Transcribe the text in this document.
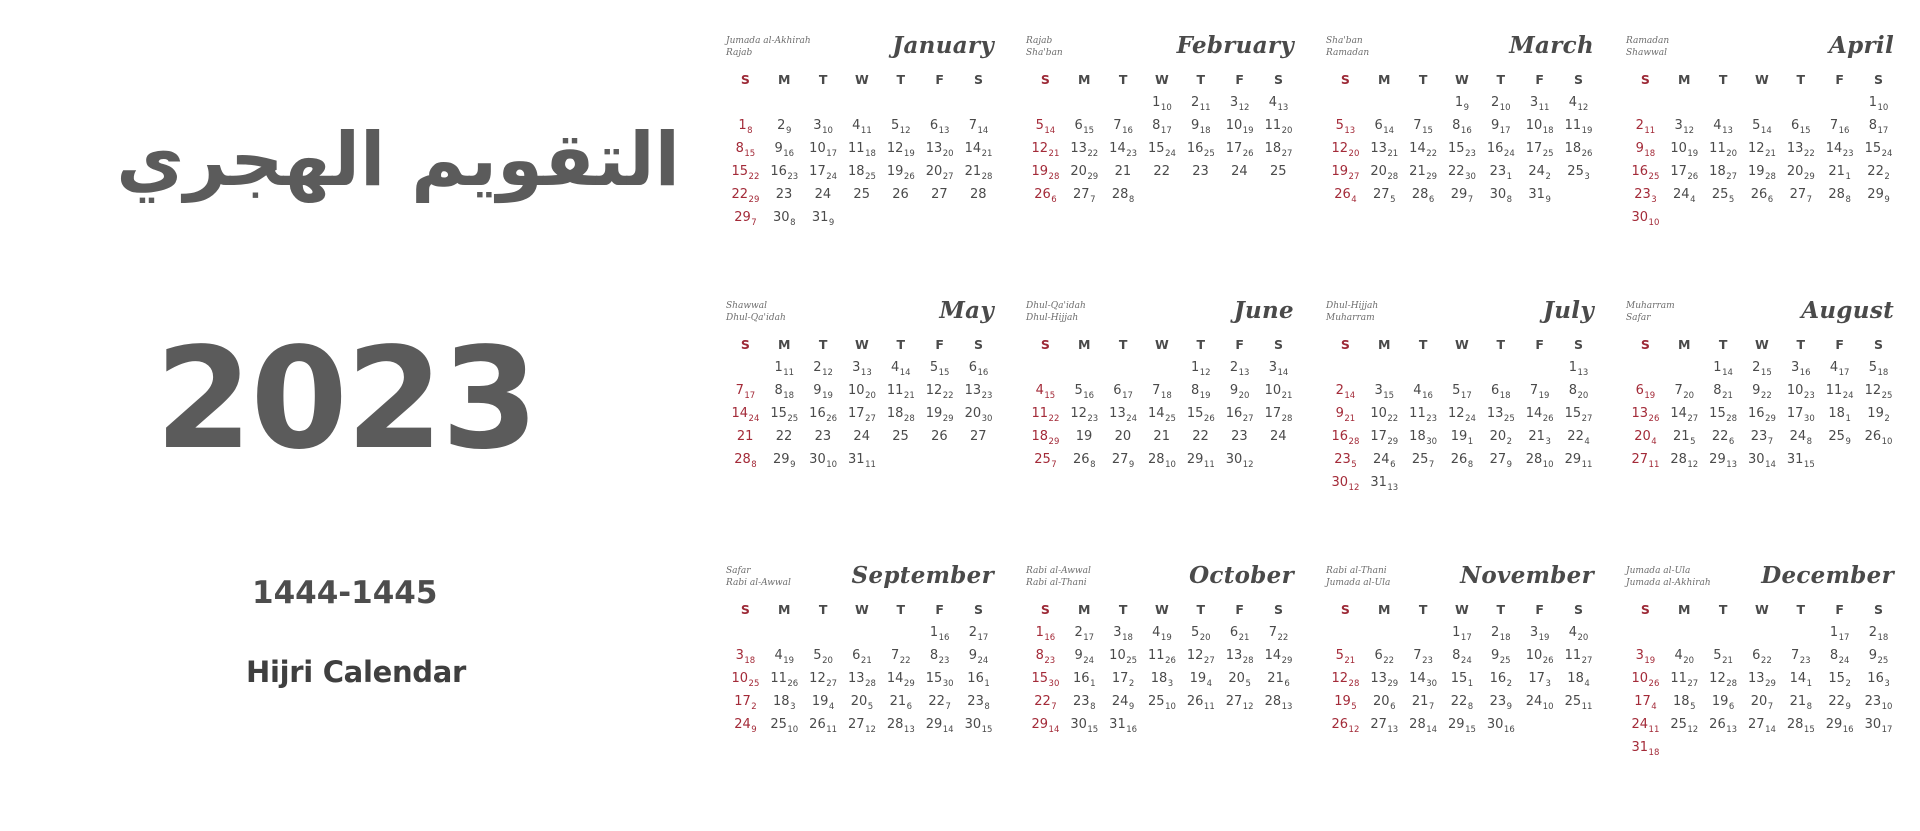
التقويم الهجري
2023
1444-1445
Hijri Calendar
Jumada al-Akhirah
Rajab	January
S	M	T	W	T	F	S

$1_8$	$2_9$	$3_{10}$	$4_{11}$	$5_{12}$	$6_{13}$	$7_{14}$
$8_{15}$	$9_{16}$	$10_{17}$	$11_{18}$	$12_{19}$	$13_{20}$	$14_{21}$
$15_{22}$	$16_{23}$	$17_{24}$	$18_{25}$	$19_{26}$	$20_{27}$	$21_{28}$
$22_{29}$	23	24	25	26	27	28
$29_7$	$30_8$	$31_9$	
Rajab
Sha'ban	February
S	M	T	W	T	F	S
			$1_{10}$	$2_{11}$	$3_{12}$	$4_{13}$
$5_{14}$	$6_{15}$	$7_{16}$	$8_{17}$	$9_{18}$	$10_{19}$	$11_{20}$
$12_{21}$	$13_{22}$	$14_{23}$	$15_{24}$	$16_{25}$	$17_{26}$	$18_{27}$
$19_{28}$	$20_{29}$	21	22	23	24	25
$26_6$	$27_7$	$28_8$	
Sha'ban
Ramadan	March
S	M	T	W	T	F	S
			$1_9$	$2_{10}$	$3_{11}$	$4_{12}$
$5_{13}$	$6_{14}$	$7_{15}$	$8_{16}$	$9_{17}$	$10_{18}$	$11_{19}$
$12_{20}$	$13_{21}$	$14_{22}$	$15_{23}$	$16_{24}$	$17_{25}$	$18_{26}$
$19_{27}$	$20_{28}$	$21_{29}$	$22_{30}$	$23_1$	$24_2$	$25_3$
$26_4$	$27_5$	$28_6$	$29_7$	$30_8$	$31_9$	
Ramadan
Shawwal	April
S	M	T	W	T	F	S
						$1_{10}$
$2_{11}$	$3_{12}$	$4_{13}$	$5_{14}$	$6_{15}$	$7_{16}$	$8_{17}$
$9_{18}$	$10_{19}$	$11_{20}$	$12_{21}$	$13_{22}$	$14_{23}$	$15_{24}$
$16_{25}$	$17_{26}$	$18_{27}$	$19_{28}$	$20_{29}$	$21_1$	$22_2$
$23_3$	$24_4$	$25_5$	$26_6$	$27_7$	$28_8$	$29_9$
$30_{10}$	
Shawwal
Dhul-Qa'idah	May
S	M	T	W	T	F	S
	$1_{11}$	$2_{12}$	$3_{13}$	$4_{14}$	$5_{15}$	$6_{16}$
$7_{17}$	$8_{18}$	$9_{19}$	$10_{20}$	$11_{21}$	$12_{22}$	$13_{23}$
$14_{24}$	$15_{25}$	$16_{26}$	$17_{27}$	$18_{28}$	$19_{29}$	$20_{30}$
21	22	23	24	25	26	27
$28_8$	$29_9$	$30_{10}$	$31_{11}$	
Dhul-Qa'idah
Dhul-Hijjah	June
S	M	T	W	T	F	S
				$1_{12}$	$2_{13}$	$3_{14}$
$4_{15}$	$5_{16}$	$6_{17}$	$7_{18}$	$8_{19}$	$9_{20}$	$10_{21}$
$11_{22}$	$12_{23}$	$13_{24}$	$14_{25}$	$15_{26}$	$16_{27}$	$17_{28}$
$18_{29}$	19	20	21	22	23	24
$25_7$	$26_8$	$27_9$	$28_{10}$	$29_{11}$	$30_{12}$	
Dhul-Hijjah
Muharram	July
S	M	T	W	T	F	S
						$1_{13}$
$2_{14}$	$3_{15}$	$4_{16}$	$5_{17}$	$6_{18}$	$7_{19}$	$8_{20}$
$9_{21}$	$10_{22}$	$11_{23}$	$12_{24}$	$13_{25}$	$14_{26}$	$15_{27}$
$16_{28}$	$17_{29}$	$18_{30}$	$19_1$	$20_2$	$21_3$	$22_4$
$23_5$	$24_6$	$25_7$	$26_8$	$27_9$	$28_{10}$	$29_{11}$
$30_{12}$	$31_{13}$	
Muharram
Safar	August
S	M	T	W	T	F	S
		$1_{14}$	$2_{15}$	$3_{16}$	$4_{17}$	$5_{18}$
$6_{19}$	$7_{20}$	$8_{21}$	$9_{22}$	$10_{23}$	$11_{24}$	$12_{25}$
$13_{26}$	$14_{27}$	$15_{28}$	$16_{29}$	$17_{30}$	$18_1$	$19_2$
$20_4$	$21_5$	$22_6$	$23_7$	$24_8$	$25_9$	$26_{10}$
$27_{11}$	$28_{12}$	$29_{13}$	$30_{14}$	$31_{15}$	
Safar
Rabi al-Awwal	September
S	M	T	W	T	F	S
					$1_{16}$	$2_{17}$
$3_{18}$	$4_{19}$	$5_{20}$	$6_{21}$	$7_{22}$	$8_{23}$	$9_{24}$
$10_{25}$	$11_{26}$	$12_{27}$	$13_{28}$	$14_{29}$	$15_{30}$	$16_1$
$17_2$	$18_3$	$19_4$	$20_5$	$21_6$	$22_7$	$23_8$
$24_9$	$25_{10}$	$26_{11}$	$27_{12}$	$28_{13}$	$29_{14}$	$30_{15}$
Rabi al-Awwal
Rabi al-Thani	October
S	M	T	W	T	F	S
$1_{16}$	$2_{17}$	$3_{18}$	$4_{19}$	$5_{20}$	$6_{21}$	$7_{22}$
$8_{23}$	$9_{24}$	$10_{25}$	$11_{26}$	$12_{27}$	$13_{28}$	$14_{29}$
$15_{30}$	$16_1$	$17_2$	$18_3$	$19_4$	$20_5$	$21_6$
$22_7$	$23_8$	$24_9$	$25_{10}$	$26_{11}$	$27_{12}$	$28_{13}$
$29_{14}$	$30_{15}$	$31_{16}$	
Rabi al-Thani
Jumada al-Ula	November
S	M	T	W	T	F	S
			$1_{17}$	$2_{18}$	$3_{19}$	$4_{20}$
$5_{21}$	$6_{22}$	$7_{23}$	$8_{24}$	$9_{25}$	$10_{26}$	$11_{27}$
$12_{28}$	$13_{29}$	$14_{30}$	$15_1$	$16_2$	$17_3$	$18_4$
$19_5$	$20_6$	$21_7$	$22_8$	$23_9$	$24_{10}$	$25_{11}$
$26_{12}$	$27_{13}$	$28_{14}$	$29_{15}$	$30_{16}$	
Jumada al-Ula
Jumada al-Akhirah December
S	M	T	W	T	F	S
					$1_{17}$	$2_{18}$
$3_{19}$	$4_{20}$	$5_{21}$	$6_{22}$	$7_{23}$	$8_{24}$	$9_{25}$
$10_{26}$	$11_{27}$	$12_{28}$	$13_{29}$	$14_1$	$15_2$	$16_3$
$17_4$	$18_5$	$19_6$	$20_7$	$21_8$	$22_9$	$23_{10}$
$24_{11}$	$25_{12}$	$26_{13}$	$27_{14}$	$28_{15}$	$29_{16}$	$30_{17}$
$31_{18}$	
